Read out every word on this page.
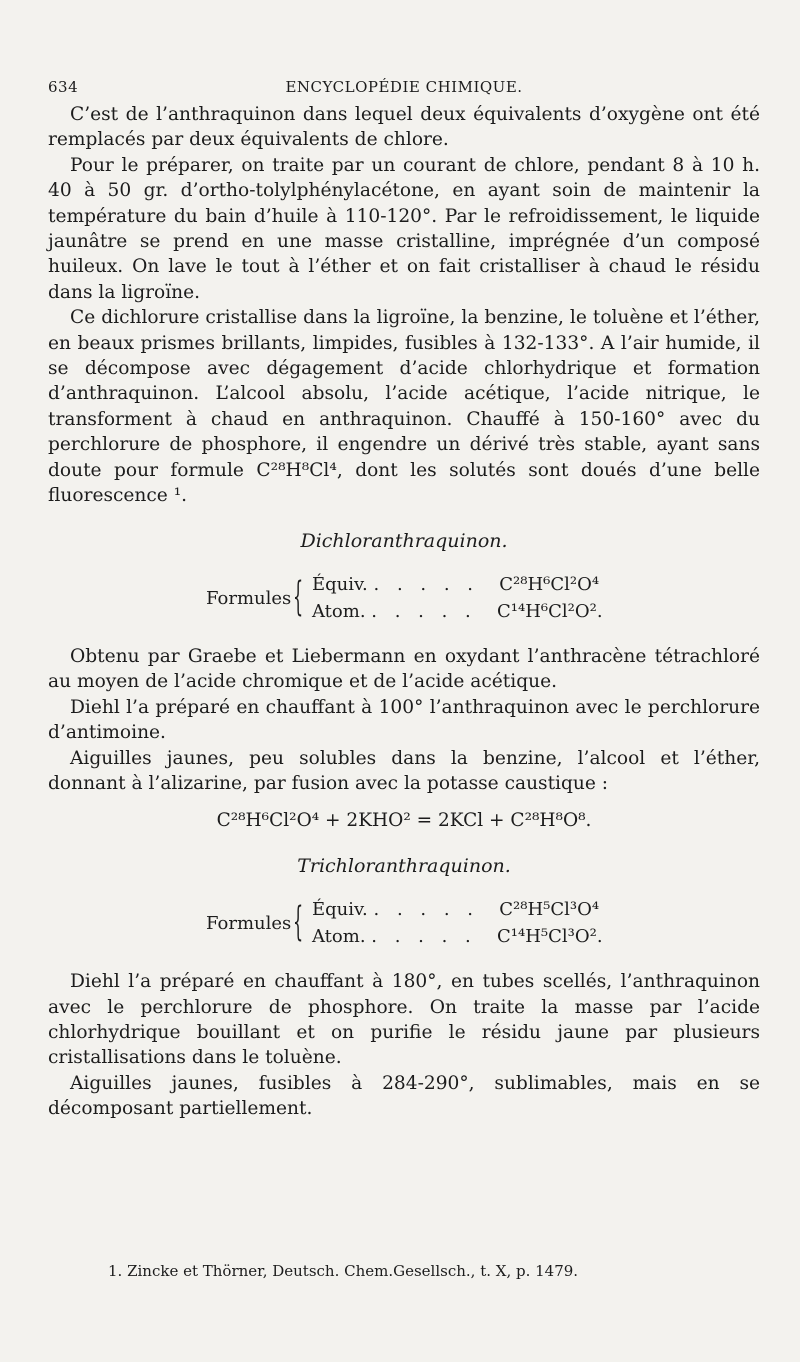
634	ENCYCLOPÉDIE CHIMIQUE.

C’est de l’anthraquinon dans lequel deux équivalents d’oxygène ont été remplacés par deux équivalents de chlore.

Pour le préparer, on traite par un courant de chlore, pendant 8 à 10 h. 40 à 50 gr. d’ortho-tolylphénylacétone, en ayant soin de maintenir la température du bain d’huile à 110-120°. Par le refroidissement, le liquide jaunâtre se prend en une masse cristalline, imprégnée d’un composé huileux. On lave le tout à l’éther et on fait cristalliser à chaud le résidu dans la ligroïne.

Ce dichlorure cristallise dans la ligroïne, la benzine, le toluène et l’éther, en beaux prismes brillants, limpides, fusibles à 132-133°. A l’air humide, il se décompose avec dégagement d’acide chlorhydrique et formation d’anthraquinon. L’alcool absolu, l’acide acétique, l’acide nitrique, le transforment à chaud en anthraquinon. Chauffé à 150-160° avec du perchlorure de phosphore, il engendre un dérivé très stable, ayant sans doute pour formule C²⁸H⁸Cl⁴, dont les solutés sont doués d’une belle fluorescence ¹.

Dichloranthraquinon.
Formules { Équiv. . . . . . C²⁸H⁶Cl²O⁴
Atom. . . . . . C¹⁴H⁶Cl²O².

Obtenu par Graebe et Liebermann en oxydant l’anthracène tétrachloré au moyen de l’acide chromique et de l’acide acétique.

Diehl l’a préparé en chauffant à 100° l’anthraquinon avec le perchlorure d’antimoine.

Aiguilles jaunes, peu solubles dans la benzine, l’alcool et l’éther, donnant à l’alizarine, par fusion avec la potasse caustique :

C²⁸H⁶Cl²O⁴ + 2KHO² = 2KCl + C²⁸H⁸O⁸.
Trichloranthraquinon.
Formules { Équiv. . . . . . C²⁸H⁵Cl³O⁴
Atom. . . . . . C¹⁴H⁵Cl³O².

Diehl l’a préparé en chauffant à 180°, en tubes scellés, l’anthraquinon avec le perchlorure de phosphore. On traite la masse par l’acide chlorhydrique bouillant et on purifie le résidu jaune par plusieurs cristallisations dans le toluène.

Aiguilles jaunes, fusibles à 284-290°, sublimables, mais en se décomposant partiellement.

1. Zincke et Thörner, Deutsch. Chem.Gesellsch., t. X, p. 1479.
